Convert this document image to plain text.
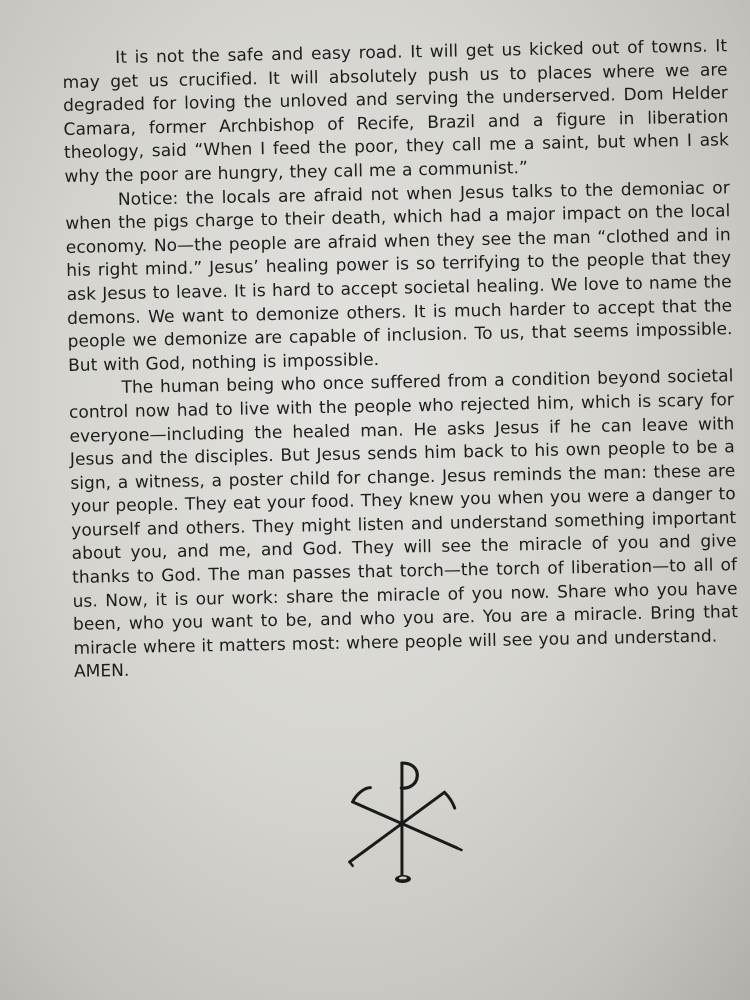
It is not the safe and easy road. It will get us kicked out of towns. It may get us crucified. It will absolutely push us to places where we are degraded for loving the unloved and serving the underserved. Dom Helder Camara, former Archbishop of Recife, Brazil and a figure in liberation theology, said “When I feed the poor, they call me a saint, but when I ask why the poor are hungry, they call me a communist.”

Notice: the locals are afraid not when Jesus talks to the demoniac or when the pigs charge to their death, which had a major impact on the local economy. No—the people are afraid when they see the man “clothed and in his right mind.” Jesus’ healing power is so terrifying to the people that they ask Jesus to leave. It is hard to accept societal healing. We love to name the demons. We want to demonize others. It is much harder to accept that the people we demonize are capable of inclusion. To us, that seems impossible. But with God, nothing is impossible.

The human being who once suffered from a condition beyond societal control now had to live with the people who rejected him, which is scary for everyone—including the healed man. He asks Jesus if he can leave with Jesus and the disciples. But Jesus sends him back to his own people to be a sign, a witness, a poster child for change. Jesus reminds the man: these are your people. They eat your food. They knew you when you were a danger to yourself and others. They might listen and understand something important about you, and me, and God. They will see the miracle of you and give thanks to God. The man passes that torch—the torch of liberation—to all of us. Now, it is our work: share the miracle of you now. Share who you have been, who you want to be, and who you are. You are a miracle. Bring that miracle where it matters most: where people will see you and understand.

AMEN.
